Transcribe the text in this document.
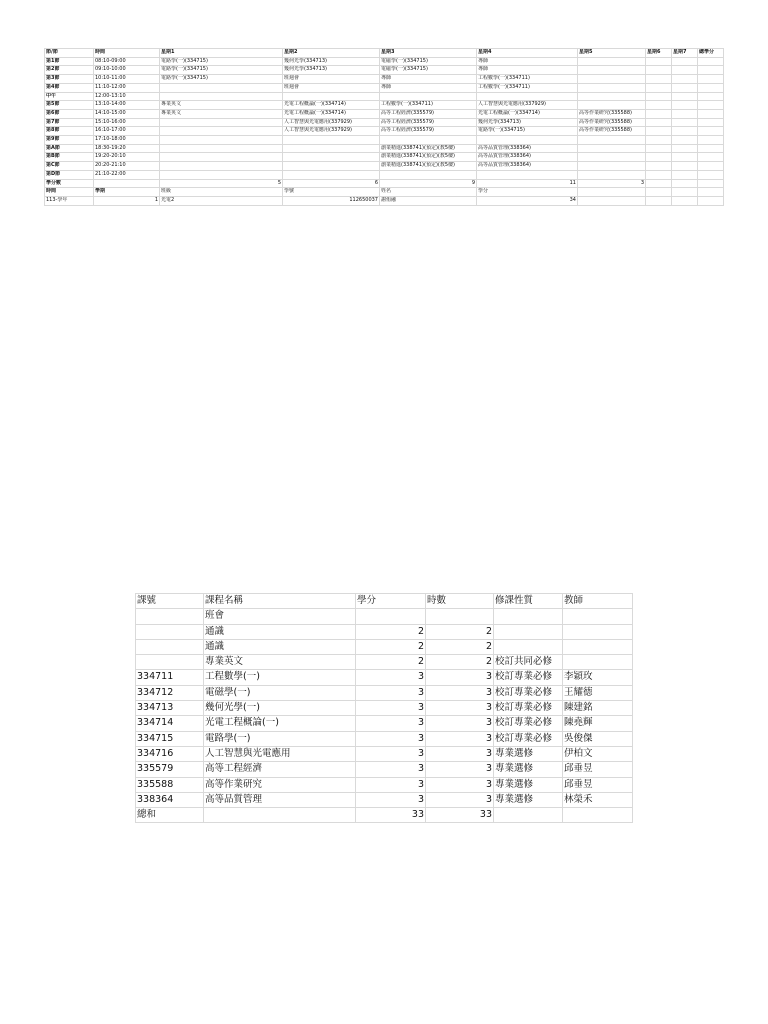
節/節	時間	星期1	星期2	星期3	星期4	星期5	星期6	星期7	總學分
第1節	08:10-09:00	電路學(一)(334715)	幾何光學(334713)	電磁學(一)(334715)	導師				
第2節	09:10-10:00	電路學(一)(334715)	幾何光學(334713)	電磁學(一)(334715)	導師				
第3節	10:10-11:00	電路學(一)(334715)	班週會	導師	工程數學(一)(334711)				
第4節	11:10-12:00		班週會	導師	工程數學(一)(334711)				
中午	12:00-13:10								
第5節	13:10-14:00	專業英文	光電工程概論(一)(334714)	工程數學(一)(334711)	人工智慧與光電應用(337929)				
第6節	14:10-15:00	專業英文	光電工程概論(一)(334714)	高等工程經濟(335579)	光電工程概論(一)(334714)	高等作業研究(335588)			
第7節	15:10-16:00		人工智慧與光電應用(337929)	高等工程經濟(335579)	幾何光學(334713)	高等作業研究(335588)			
第8節	16:10-17:00		人工智慧與光電應用(337929)	高等工程經濟(335579)	電路學(一)(334715)	高等作業研究(335588)			
第9節	17:10-18:00								
第A節	18:30-19:20			創業精進(338741)(預定)(教5樓)	高等品質管理(338364)				
第B節	19:20-20:10			創業精進(338741)(預定)(教5樓)	高等品質管理(338364)				
第C節	20:20-21:10			創業精進(338741)(預定)(教5樓)	高等品質管理(338364)				
第D節	21:10-22:00								
學分數		5	6	9	11	3			
時間	學期	班級	學號	姓名	學分				
113-學年	1	光電2	112650037	謝侑融	34				
課號	課程名稱	學分	時數	修課性質	教師
	班會				
	通識	2	2		
	通識	2	2		
	專業英文	2	2	校訂共同必修	
334711	工程數學(一)	3	3	校訂專業必修	李穎玫
334712	電磁學(一)	3	3	校訂專業必修	王耀德
334713	幾何光學(一)	3	3	校訂專業必修	陳建銘
334714	光電工程概論(一)	3	3	校訂專業必修	陳堯輝
334715	電路學(一)	3	3	校訂專業必修	吳俊傑
334716	人工智慧與光電應用	3	3	專業選修	伊柏文
335579	高等工程經濟	3	3	專業選修	邱垂昱
335588	高等作業研究	3	3	專業選修	邱垂昱
338364	高等品質管理	3	3	專業選修	林榮禾
總和		33	33		
